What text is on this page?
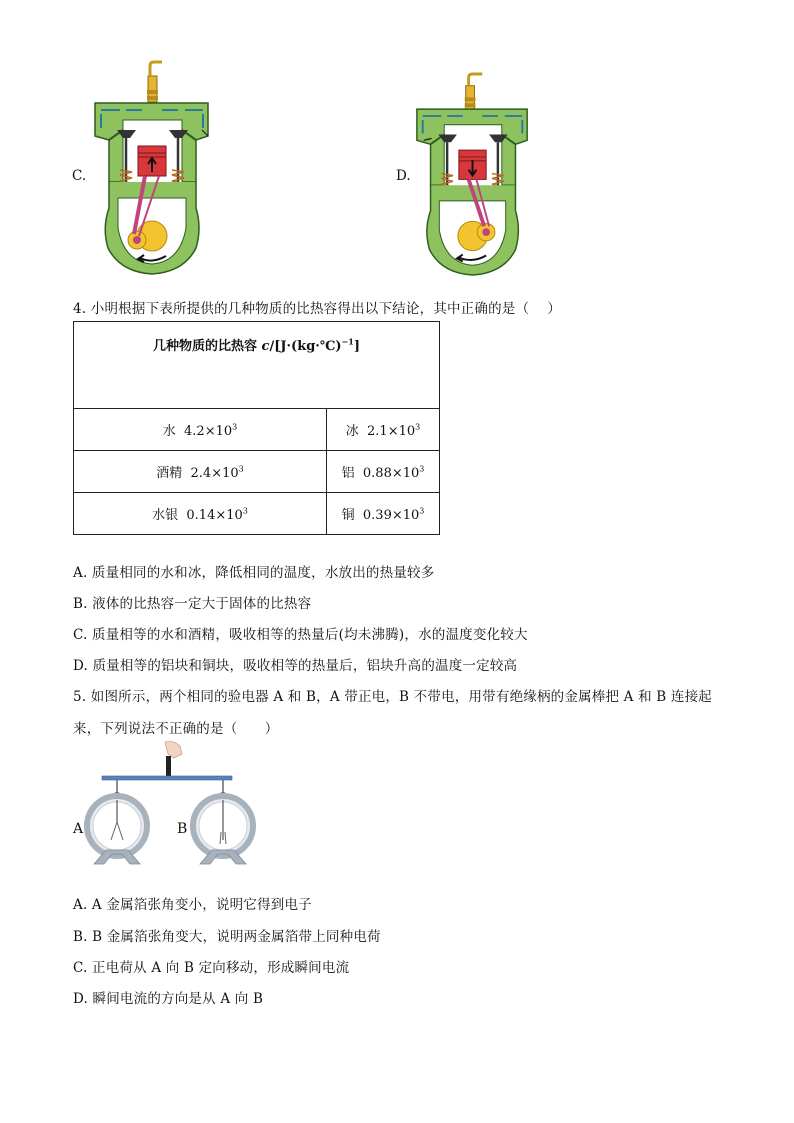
C.	D.
4. 小明根据下表所提供的几种物质的比热容得出以下结论，其中正确的是（　 ）
几种物质的比热容 c/[J·(kg·℃)$^{-1}$]	
水 $4.2\times 10^3$	冰 $2.1\times 10^3$
酒精 $2.4\times 10^3$	铝 $0.88\times 10^3$
水银 $0.14\times 10^3$	铜 $0.39\times 10^3$
A. 质量相同的水和冰，降低相同的温度，水放出的热量较多
B. 液体的比热容一定大于固体的比热容
C. 质量相等的水和酒精，吸收相等的热量后(均未沸腾)，水的温度变化较大
D. 质量相等的铝块和铜块，吸收相等的热量后，铝块升高的温度一定较高
5. 如图所示，两个相同的验电器 A 和 B，A 带正电，B 不带电，用带有绝缘柄的金属棒把 A 和 B 连接起
来，下列说法不正确的是（　　）
A	B
A. A 金属箔张角变小，说明它得到电子
B. B 金属箔张角变大，说明两金属箔带上同种电荷
C. 正电荷从 A 向 B 定向移动，形成瞬间电流
D. 瞬间电流的方向是从 A 向 B
